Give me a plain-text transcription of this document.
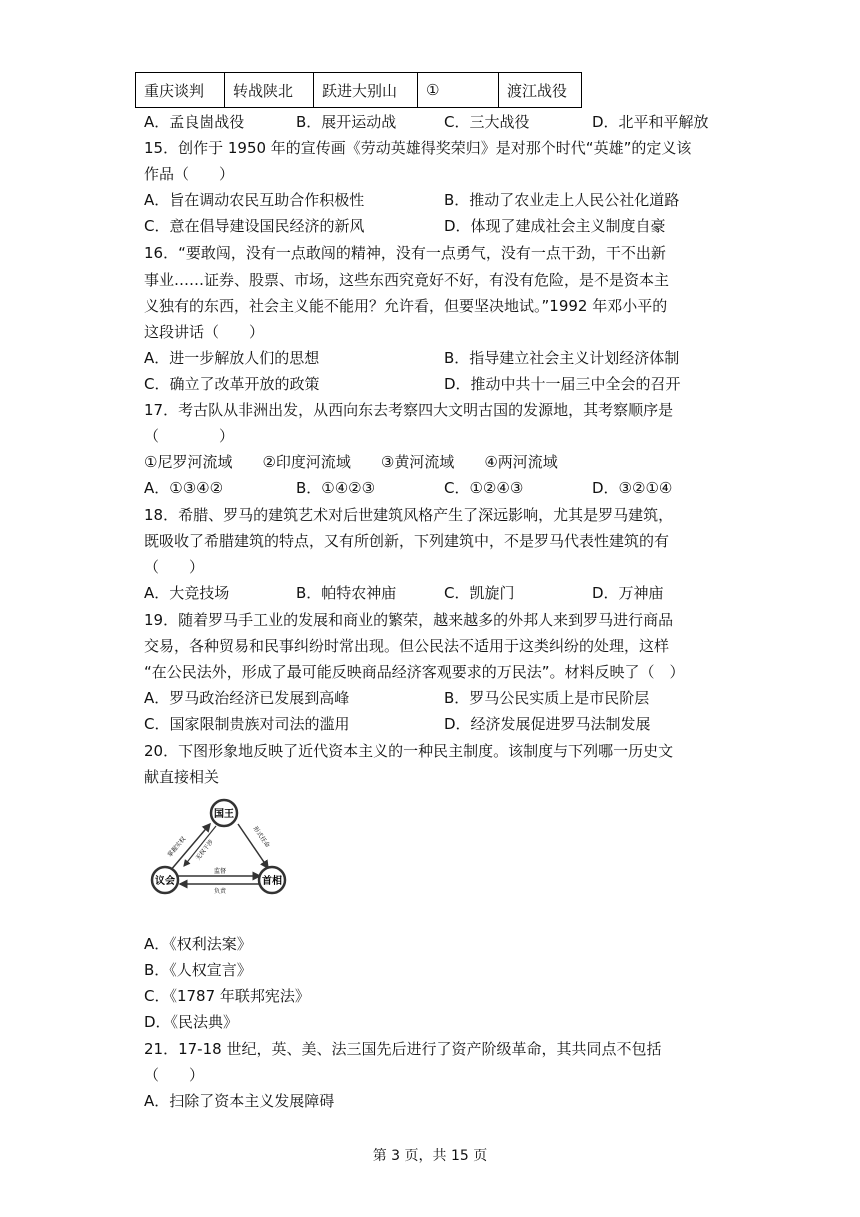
重庆谈判	转战陕北	跃进大别山	①	渡江战役
A．孟良崮战役	B．展开运动战	C．三大战役	D．北平和平解放
15．创作于 1950 年的宣传画《劳动英雄得奖荣归》是对那个时代“英雄”的定义该
作品（　　）
A．旨在调动农民互助合作积极性	B．推动了农业走上人民公社化道路
C．意在倡导建设国民经济的新风	D．体现了建成社会主义制度自豪
16．“要敢闯，没有一点敢闯的精神，没有一点勇气，没有一点干劲，干不出新
事业……证券、股票、市场，这些东西究竟好不好，有没有危险，是不是资本主
义独有的东西，社会主义能不能用？允许看，但要坚决地试。”1992 年邓小平的
这段讲话（　　）
A．进一步解放人们的思想	B．指导建立社会主义计划经济体制
C．确立了改革开放的政策	D．推动中共十一届三中全会的召开
17．考古队从非洲出发，从西向东去考察四大文明古国的发源地，其考察顺序是
（　　　　）
①尼罗河流域　　②印度河流域　　③黄河流域　　④两河流域
A．①③④②	B．①④②③	C．①②④③	D．③②①④
18．希腊、罗马的建筑艺术对后世建筑风格产生了深远影响，尤其是罗马建筑，
既吸收了希腊建筑的特点，又有所创新，下列建筑中，不是罗马代表性建筑的有
（　　）
A．大竞技场	B．帕特农神庙	C．凯旋门	D．万神庙
19．随着罗马手工业的发展和商业的繁荣，越来越多的外邦人来到罗马进行商品
交易，各种贸易和民事纠纷时常出现。但公民法不适用于这类纠纷的处理，这样
“在公民法外，形成了最可能反映商品经济客观要求的万民法”。材料反映了（　）
A．罗马政治经济已发展到高峰	B．罗马公民实质上是市民阶层
C．国家限制贵族对司法的滥用	D．经济发展促进罗马法制发展
20．下图形象地反映了近代资本主义的一种民主制度。该制度与下列哪一历史文
献直接相关
国王
议会	首相
掌握实权 无权干涉
形式任命
监督
负责
A．《权利法案》
B．《人权宣言》
C．《1787 年联邦宪法》
D．《民法典》
21．17-18 世纪，英、美、法三国先后进行了资产阶级革命，其共同点不包括
（　　）
A．扫除了资本主义发展障碍
第 3 页，共 15 页
